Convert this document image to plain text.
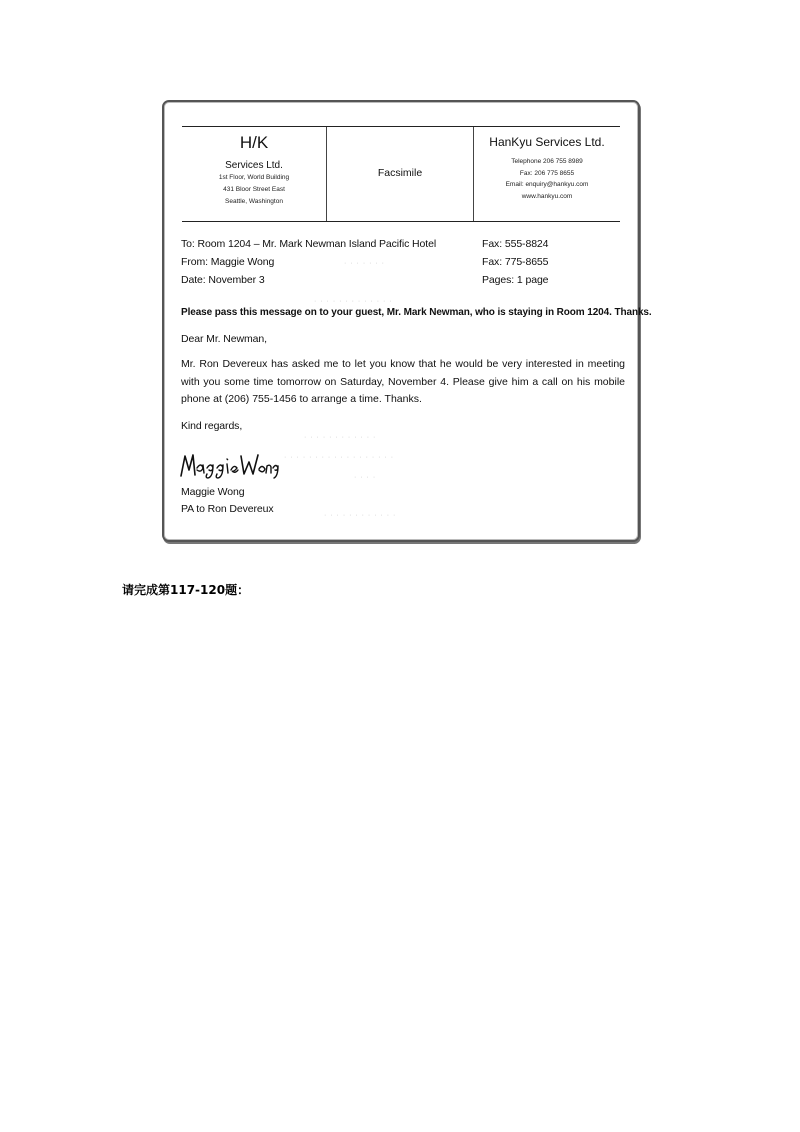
H/K
Services Ltd.
1st Floor, World Building
431 Bloor Street East
Seattle, Washington
Facsimile
HanKyu Services Ltd.
Telephone 206 755 8989
Fax: 206 775 8655
Email: enquiry@hankyu.com
www.hankyu.com
To: Room 1204 – Mr. Mark Newman Island Pacific Hotel
From: Maggie Wong
Date: November 3
Fax: 555-8824
Fax: 775-8655
Pages: 1 page
· · · · · · ·
· · · · · · · · · · · · ·
Please pass this message on to your guest, Mr. Mark Newman, who is staying in Room 1204. Thanks.
Dear Mr. Newman,
Mr. Ron Devereux has asked me to let you know that he would be very interested in meeting with you some time tomorrow on Saturday, November 4. Please give him a call on his mobile phone at (206) 755-1456 to arrange a time. Thanks.
Kind regards,
· · · · · · · · · · · ·
· · · · · · · · · · · · · · · · · ·
· · · ·
· · · · · · · · · · · ·
Maggie Wong
PA to Ron Devereux
请完成第117-120题：
